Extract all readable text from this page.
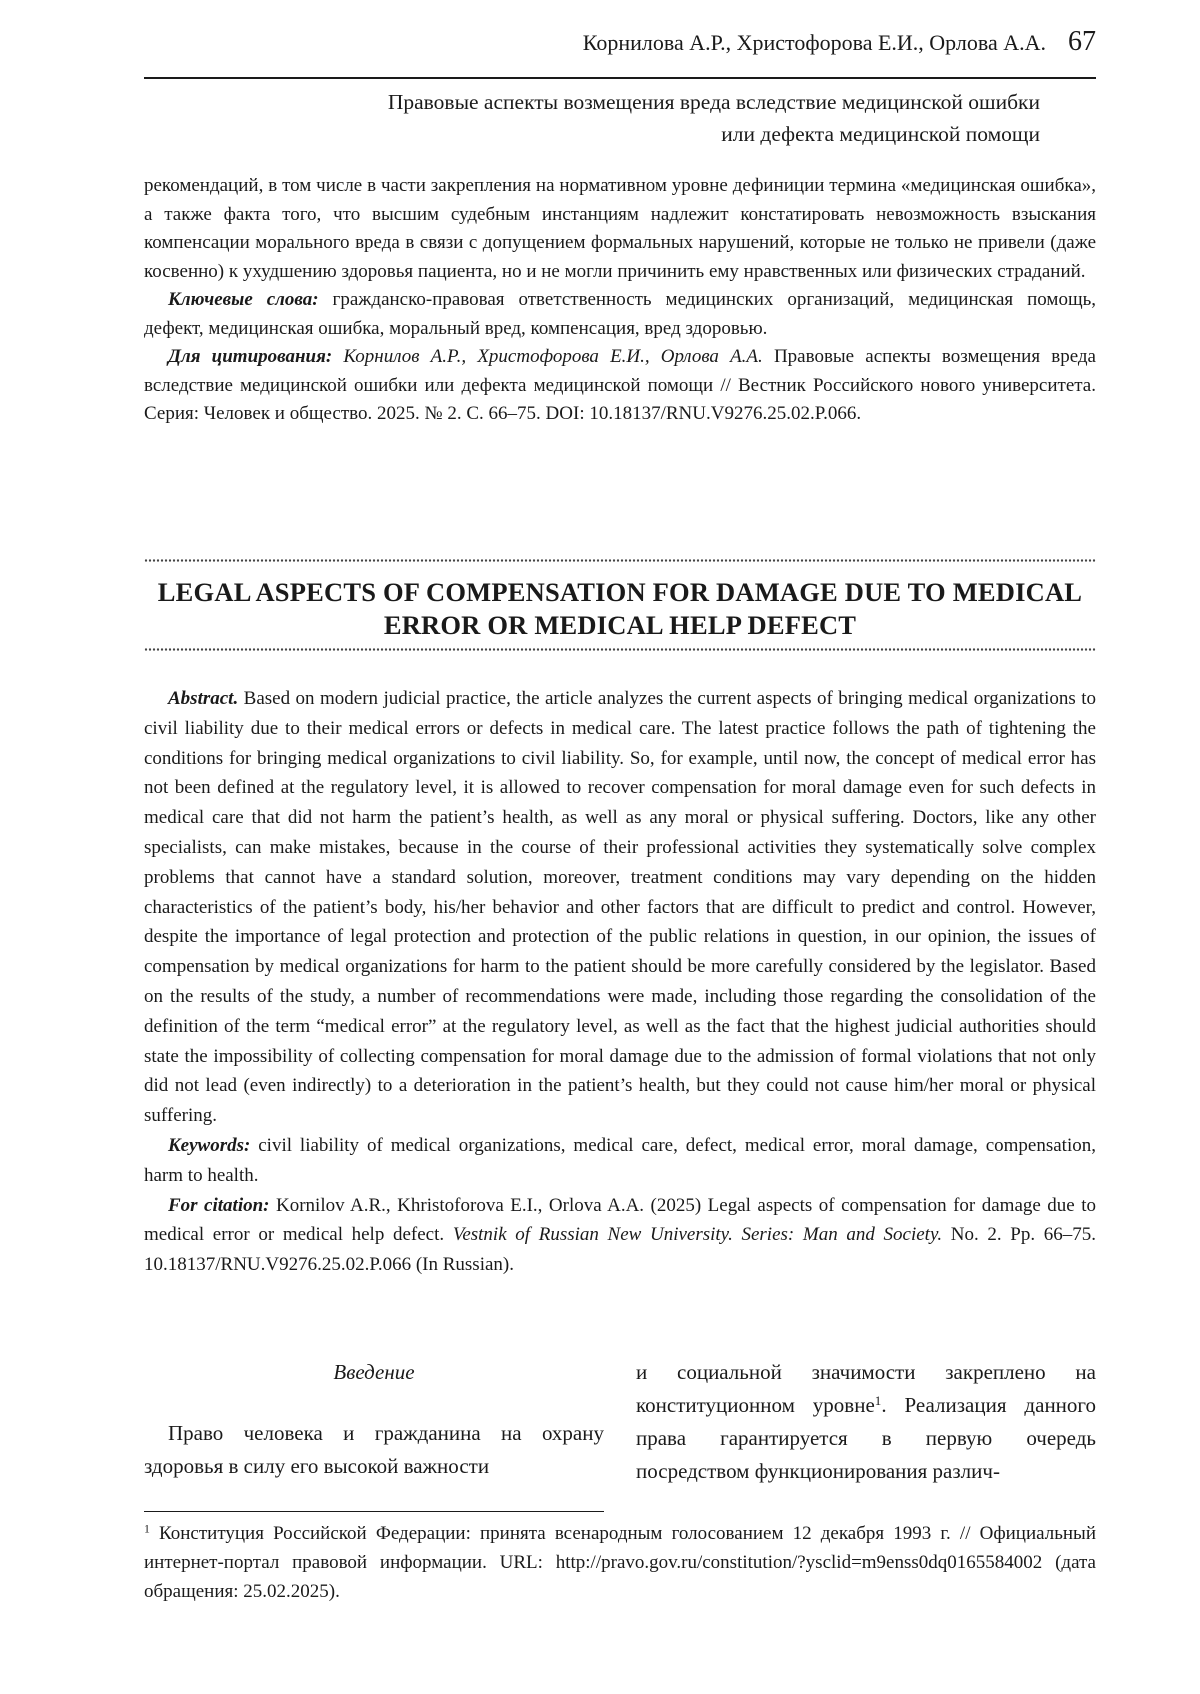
Корнилова А.Р., Христофорова Е.И., Орлова А.А. 67
Правовые аспекты возмещения вреда вследствие медицинской ошибки
или дефекта медицинской помощи

рекомендаций, в том числе в части закрепления на нормативном уровне дефиниции термина «медицинская ошибка», а также факта того, что высшим судебным инстанциям надлежит констатировать невозможность взыскания компенсации морального вреда в связи с допущением формальных нарушений, которые не только не привели (даже косвенно) к ухудшению здоровья пациента, но и не могли причинить ему нравственных или физических страданий.

Ключевые слова: гражданско-правовая ответственность медицинских организаций, медицинская помощь, дефект, медицинская ошибка, моральный вред, компенсация, вред здоровью.

Для цитирования: Корнилов А.Р., Христофорова Е.И., Орлова А.А. Правовые аспекты возмещения вреда вследствие медицинской ошибки или дефекта медицинской помощи // Вестник Российского нового университета. Серия: Человек и общество. 2025. № 2. С. 66–75. DOI: 10.18137/RNU.V9276.25.02.P.066.

LEGAL ASPECTS OF COMPENSATION FOR DAMAGE DUE TO MEDICAL ERROR OR MEDICAL HELP DEFECT

Abstract. Based on modern judicial practice, the article analyzes the current aspects of bringing medical organizations to civil liability due to their medical errors or defects in medical care. The latest practice follows the path of tightening the conditions for bringing medical organizations to civil liability. So, for example, until now, the concept of medical error has not been defined at the regulatory level, it is allowed to recover compensation for moral damage even for such defects in medical care that did not harm the patient’s health, as well as any moral or physical suffering. Doctors, like any other specialists, can make mistakes, because in the course of their professional activities they systematically solve complex problems that cannot have a standard solution, moreover, treatment conditions may vary depending on the hidden characteristics of the patient’s body, his/her behavior and other factors that are difficult to predict and control. However, despite the importance of legal protection and protection of the public relations in question, in our opinion, the issues of compensation by medical organizations for harm to the patient should be more carefully considered by the legislator. Based on the results of the study, a number of recommendations were made, including those regarding the consolidation of the definition of the term “medical error” at the regulatory level, as well as the fact that the highest judicial authorities should state the impossibility of collecting compensation for moral damage due to the admission of formal violations that not only did not lead (even indirectly) to a deterioration in the patient’s health, but they could not cause him/her moral or physical suffering.

Keywords: civil liability of medical organizations, medical care, defect, medical error, moral damage, compensation, harm to health.

For citation: Kornilov A.R., Khristoforova E.I., Orlova A.A. (2025) Legal aspects of compensation for damage due to medical error or medical help defect. Vestnik of Russian New University. Series: Man and Society. No. 2. Pp. 66–75. 10.18137/RNU.V9276.25.02.P.066 (In Russian).

Введение

Право человека и гражданина на охрану здоровья в силу его высокой важности

и социальной значимости закреплено на конституционном уровне$^1$. Реализация данного права гарантируется в первую очередь посредством функционирования различ-

$^1$ Конституция Российской Федерации: принята всенародным голосованием 12 декабря 1993 г. // Официальный интернет-портал правовой информации. URL: http://pravo.gov.ru/constitution/?ysclid=m9enss0dq0165584002 (дата обращения: 25.02.2025).
